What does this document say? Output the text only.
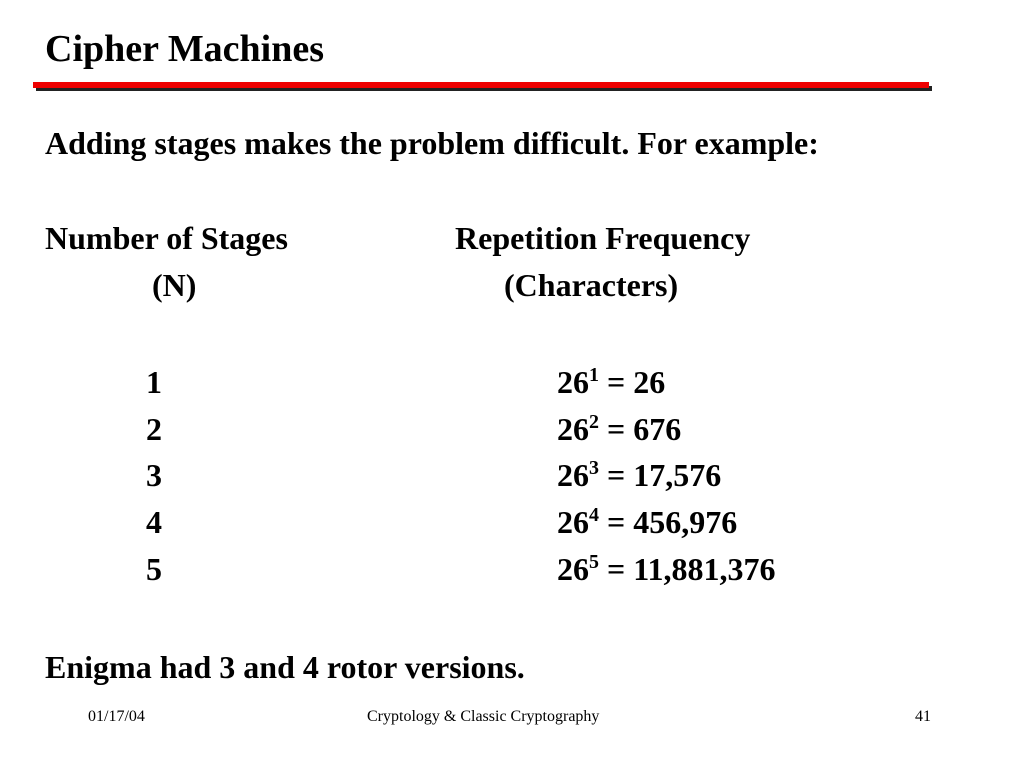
Cipher Machines
Adding stages makes the problem difficult. For example:
Number of Stages	Repetition Frequency
(N)	(Characters)
1	$26^1 = 26$
2	$26^2 = 676$
3	$26^3 = 17,576$
4	$26^4 = 456,976$
5	$26^5 = 11,881,376$
Enigma had 3 and 4 rotor versions.
01/17/04	Cryptology & Classic Cryptography	41
